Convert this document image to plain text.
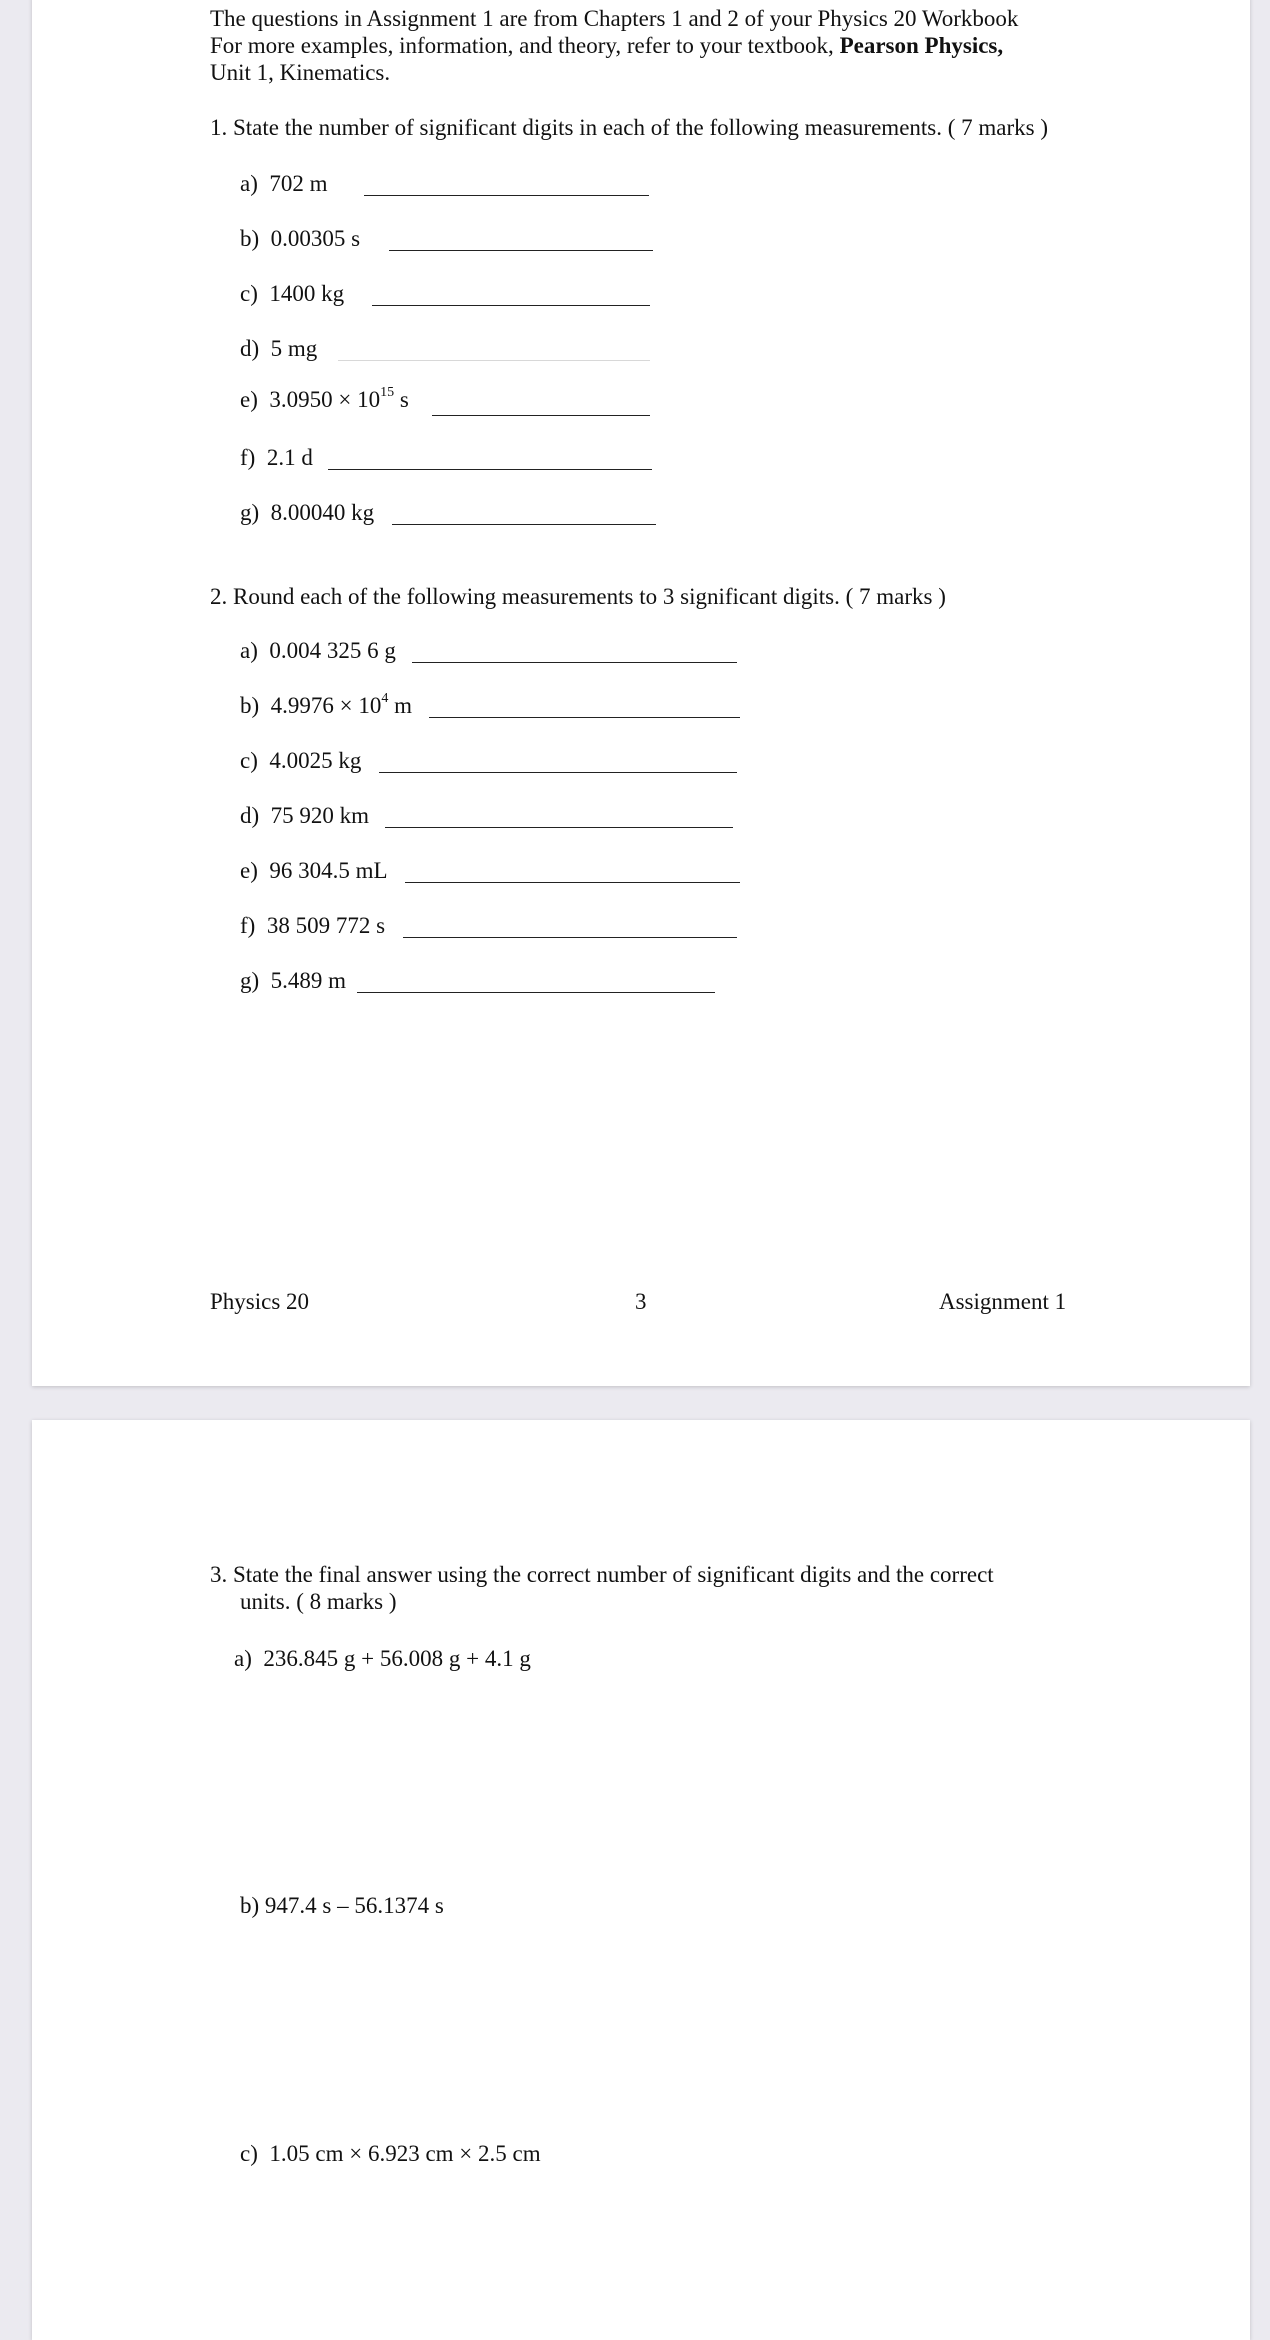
The questions in Assignment 1 are from Chapters 1 and 2 of your Physics 20 Workbook
For more examples, information, and theory, refer to your textbook, Pearson Physics,
Unit 1, Kinematics.
1. State the number of significant digits in each of the following measurements. ( 7 marks )
a) 702 m
b) 0.00305 s
c) 1400 kg
d) 5 mg
e) $3.0950 \times 10^{15}$ s
f) 2.1 d
g) 8.00040 kg
2. Round each of the following measurements to 3 significant digits. ( 7 marks )
a) 0.004 325 6 g
b) $4.9976 \times 10^4$ m
c) 4.0025 kg
d) 75 920 km
e) 96 304.5 mL
f) 38 509 772 s
g) 5.489 m
Physics 20	3	Assignment 1
3. State the final answer using the correct number of significant digits and the correct
units. ( 8 marks )
a) 236.845 g + 56.008 g + 4.1 g
b) 947.4 s – 56.1374 s
c) 1.05 cm × 6.923 cm × 2.5 cm
